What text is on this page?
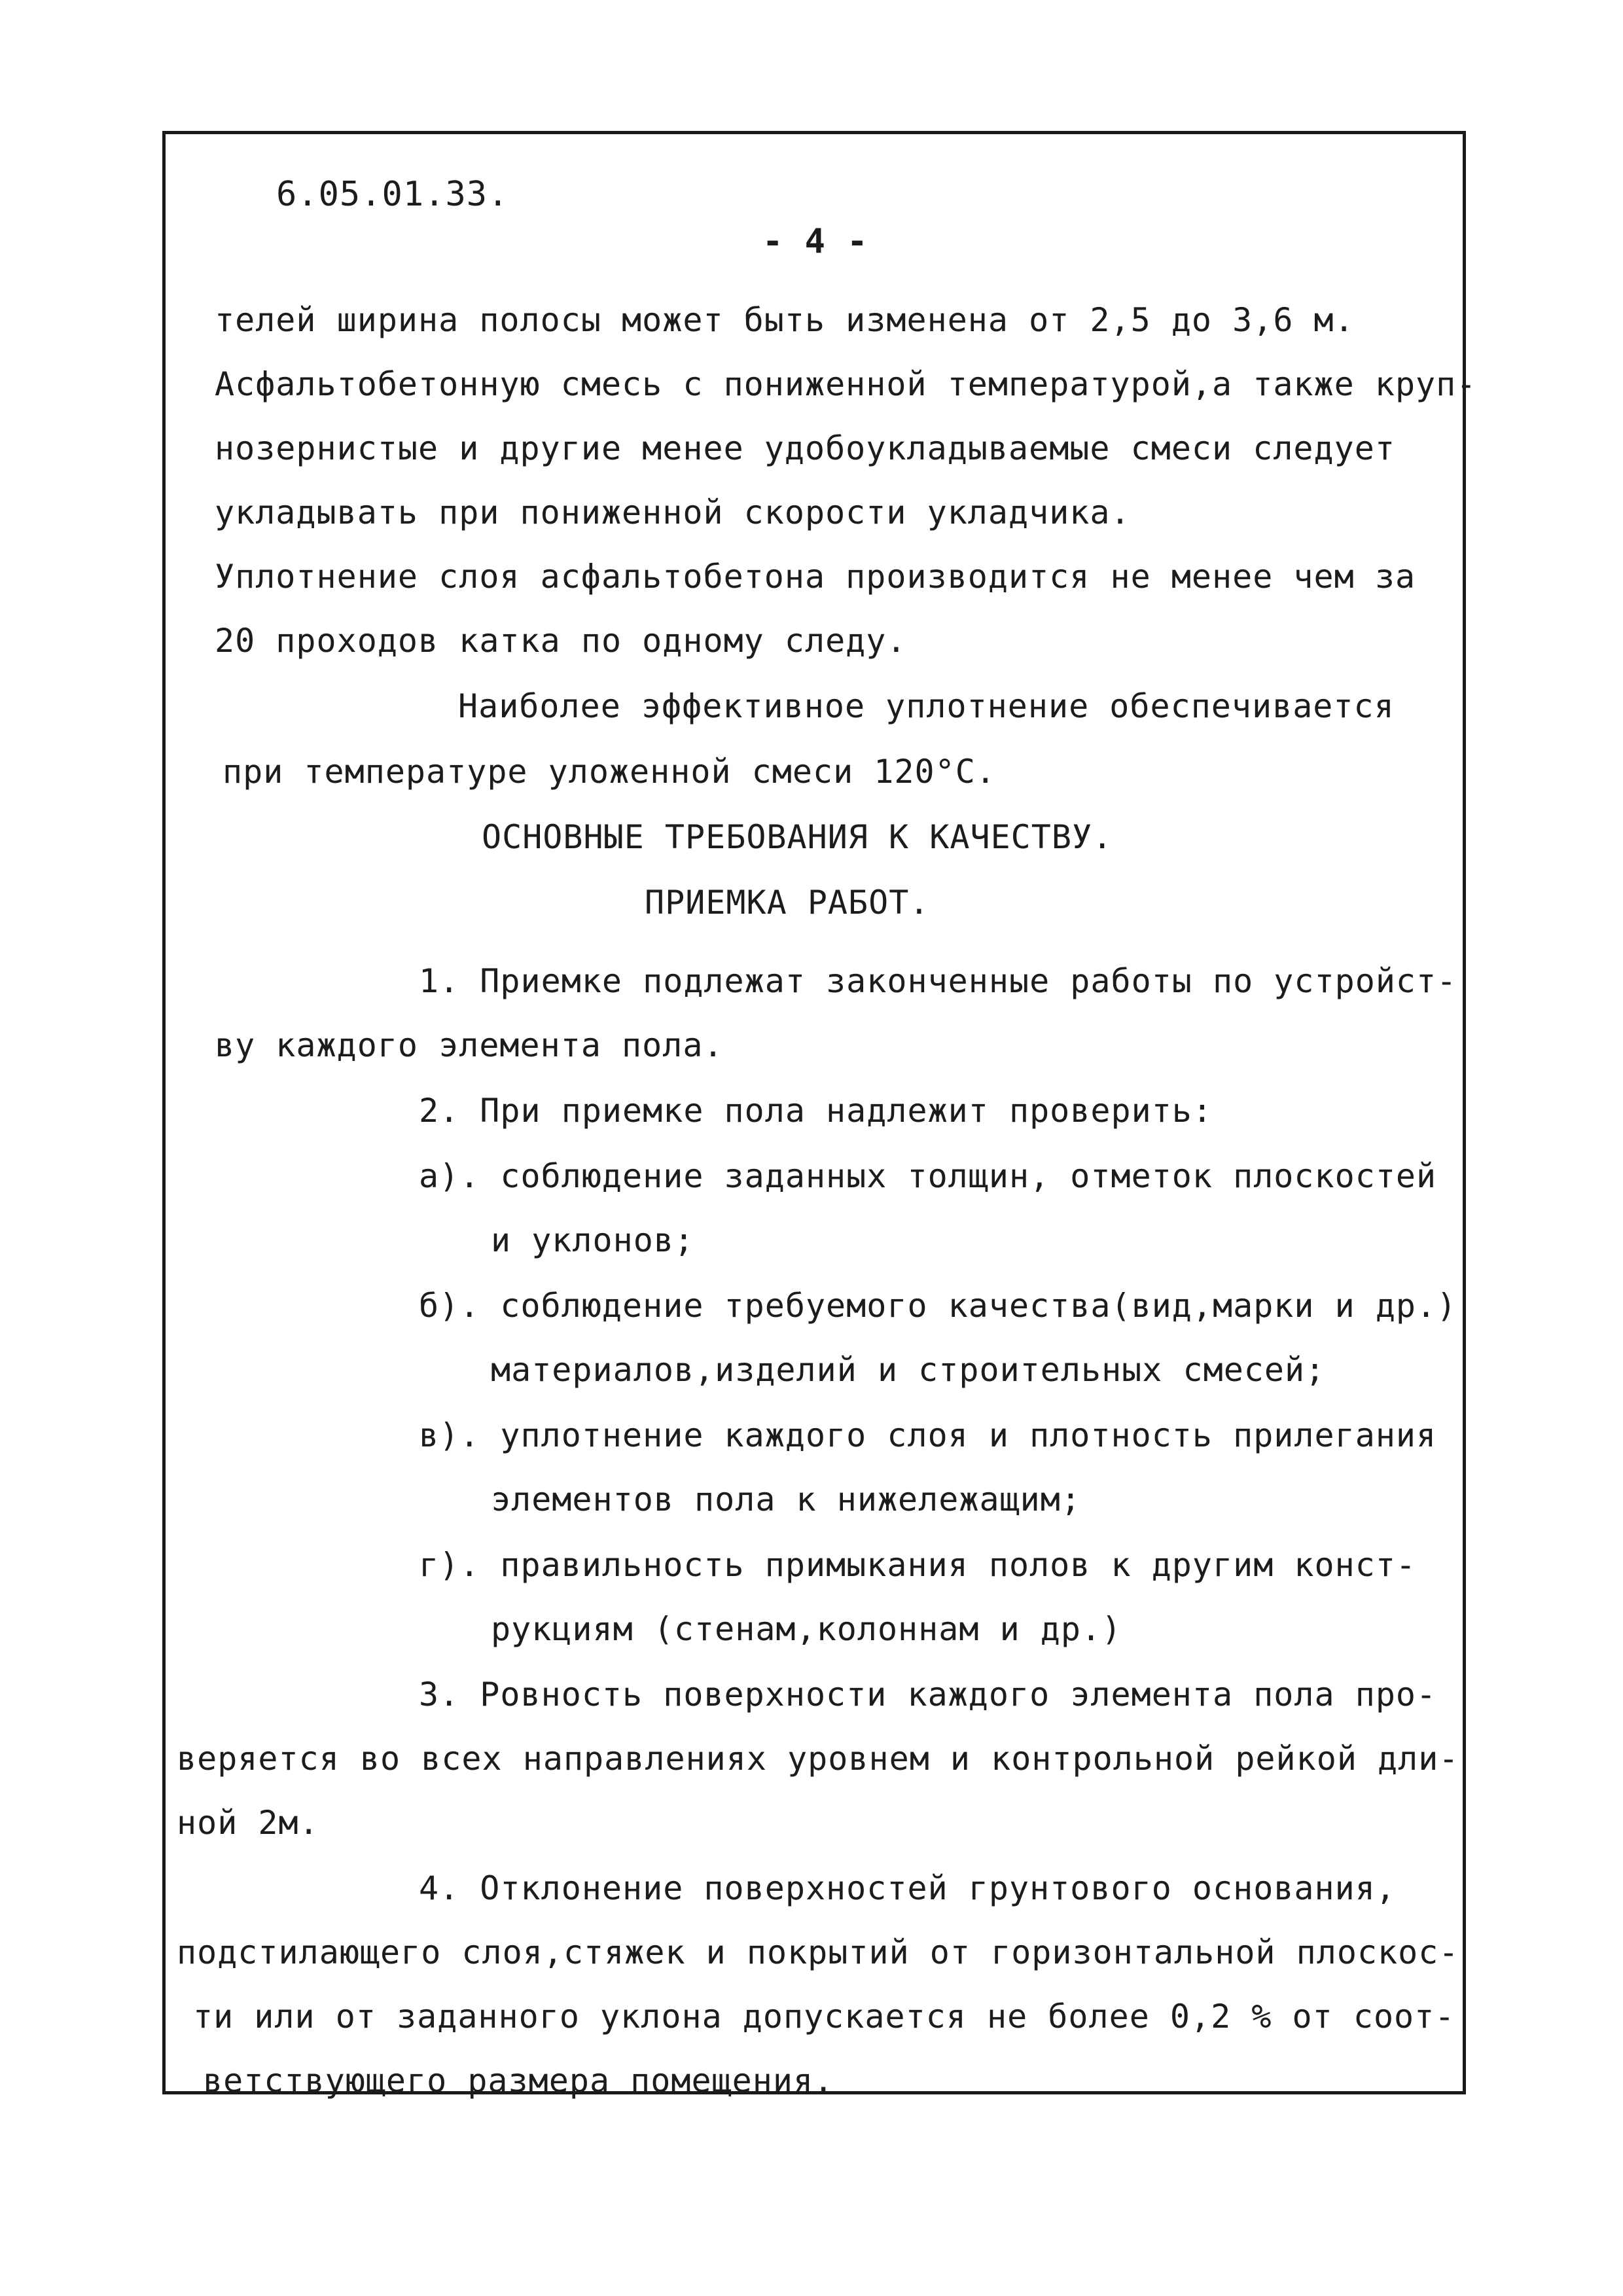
6.05.01.33.
- 4 -
телей ширина полосы может быть изменена от 2,5 до 3,6 м.
Асфальтобетонную смесь с пониженной температурой,а также круп-
нозернистые и другие менее удобоукладываемые смеси следует
укладывать при пониженной скорости укладчика.
Уплотнение слоя асфальтобетона производится не менее чем за
20 проходов катка по одному следу.
Наиболее эффективное уплотнение обеспечивается
при температуре уложенной смеси 120°С.
ОСНОВНЫЕ ТРЕБОВАНИЯ К КАЧЕСТВУ.
ПРИЕМКА РАБОТ.
1. Приемке подлежат законченные работы по устройст-
ву каждого элемента пола.
2. При приемке пола надлежит проверить:
а). соблюдение заданных толщин, отметок плоскостей
и уклонов;
б). соблюдение требуемого качества(вид,марки и др.)
материалов,изделий и строительных смесей;
в). уплотнение каждого слоя и плотность прилегания
элементов пола к нижележащим;
г). правильность примыкания полов к другим конст-
рукциям (стенам,колоннам и др.)
3. Ровность поверхности каждого элемента пола про-
веряется во всех направлениях уровнем и контрольной рейкой дли-
ной 2м.
4. Отклонение поверхностей грунтового основания,
подстилающего слоя,стяжек и покрытий от горизонтальной плоскос-
ти или от заданного уклона допускается не более 0,2 % от соот-
ветствующего размера помещения.
